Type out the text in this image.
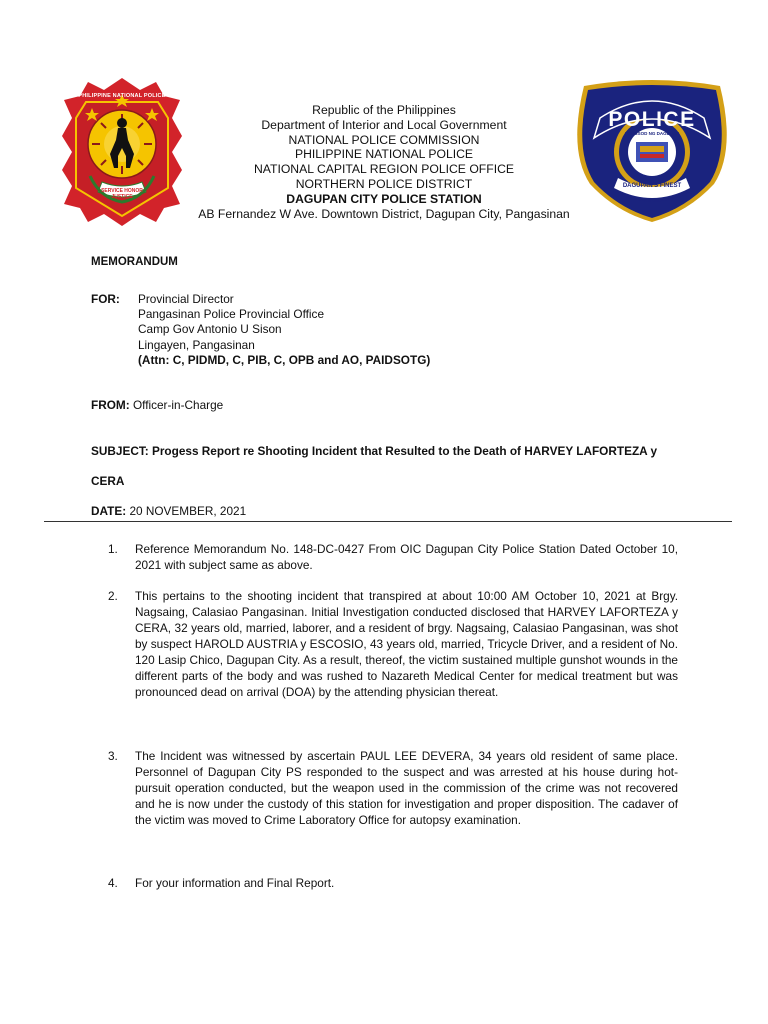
PHILIPPINE NATIONAL POLICE
SERVICE HONOR JUSTICE
POLICE
LUNGSOD NG DAGUPAN
DAGUPAN'S FINEST
Republic of the Philippines
Department of Interior and Local Government
NATIONAL POLICE COMMISSION
PHILIPPINE NATIONAL POLICE
NATIONAL CAPITAL REGION POLICE OFFICE
NORTHERN POLICE DISTRICT
DAGUPAN CITY POLICE STATION
AB Fernandez W Ave. Downtown District, Dagupan City, Pangasinan
MEMORANDUM
FOR: Provincial Director
Pangasinan Police Provincial Office
Camp Gov Antonio U Sison
Lingayen, Pangasinan
(Attn: C, PIDMD, C, PIB, C, OPB and AO, PAIDSOTG)
FROM: Officer-in-Charge
SUBJECT: Progess Report re Shooting Incident that Resulted to the Death of HARVEY LAFORTEZA y
CERA
DATE: 20 NOVEMBER, 2021
1. Reference Memorandum No. 148-DC-0427 From OIC Dagupan City Police Station Dated October 10, 2021 with subject same as above.
2. This pertains to the shooting incident that transpired at about 10:00 AM October 10, 2021 at Brgy. Nagsaing, Calasiao Pangasinan. Initial Investigation conducted disclosed that HARVEY LAFORTEZA y CERA, 32 years old, married, laborer, and a resident of brgy. Nagsaing, Calasiao Pangasinan, was shot by suspect HAROLD AUSTRIA y ESCOSIO, 43 years old, married, Tricycle Driver, and a resident of No. 120 Lasip Chico, Dagupan City. As a result, thereof, the victim sustained multiple gunshot wounds in the different parts of the body and was rushed to Nazareth Medical Center for medical treatment but was pronounced dead on arrival (DOA) by the attending physician thereat.
3. The Incident was witnessed by ascertain PAUL LEE DEVERA, 34 years old resident of same place. Personnel of Dagupan City PS responded to the suspect and was arrested at his house during hot-pursuit operation conducted, but the weapon used in the commission of the crime was not recovered and he is now under the custody of this station for investigation and proper disposition. The cadaver of the victim was moved to Crime Laboratory Office for autopsy examination.
4. For your information and Final Report.
